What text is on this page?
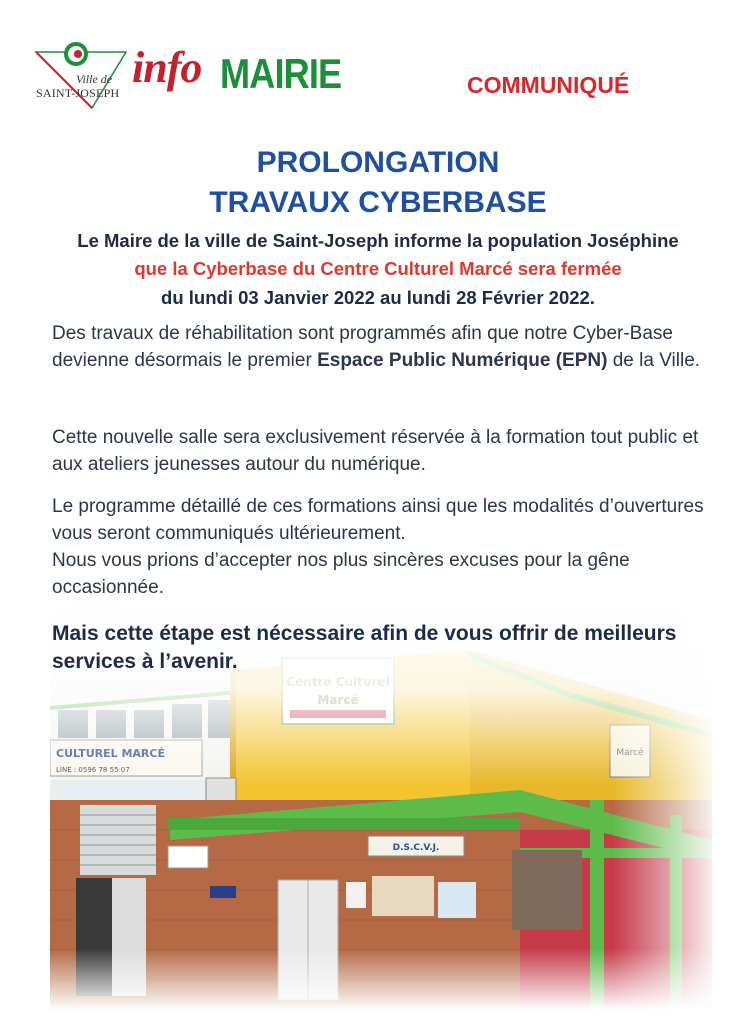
Ville de
SAINT-JOSEPH
info MAIRIE	COMMUNIQUÉ
PROLONGATION
TRAVAUX CYBERBASE
Le Maire de la ville de Saint-Joseph informe la population Joséphine
que la Cyberbase du Centre Culturel Marcé sera fermée
du lundi 03 Janvier 2022 au lundi 28 Février 2022.
Des travaux de réhabilitation sont programmés afin que notre Cyber-Base devienne désormais le premier Espace Public Numérique (EPN) de la Ville.
Cette nouvelle salle sera exclusivement réservée à la formation tout public et aux ateliers jeunesses autour du numérique.
Le programme détaillé de ces formations ainsi que les modalités d’ouvertures vous seront communiqués ultérieurement.
Nous vous prions d’accepter nos plus sincères excuses pour la gêne occasionnée.
Mais cette étape est nécessaire afin de vous offrir de meilleurs services à l’avenir.
